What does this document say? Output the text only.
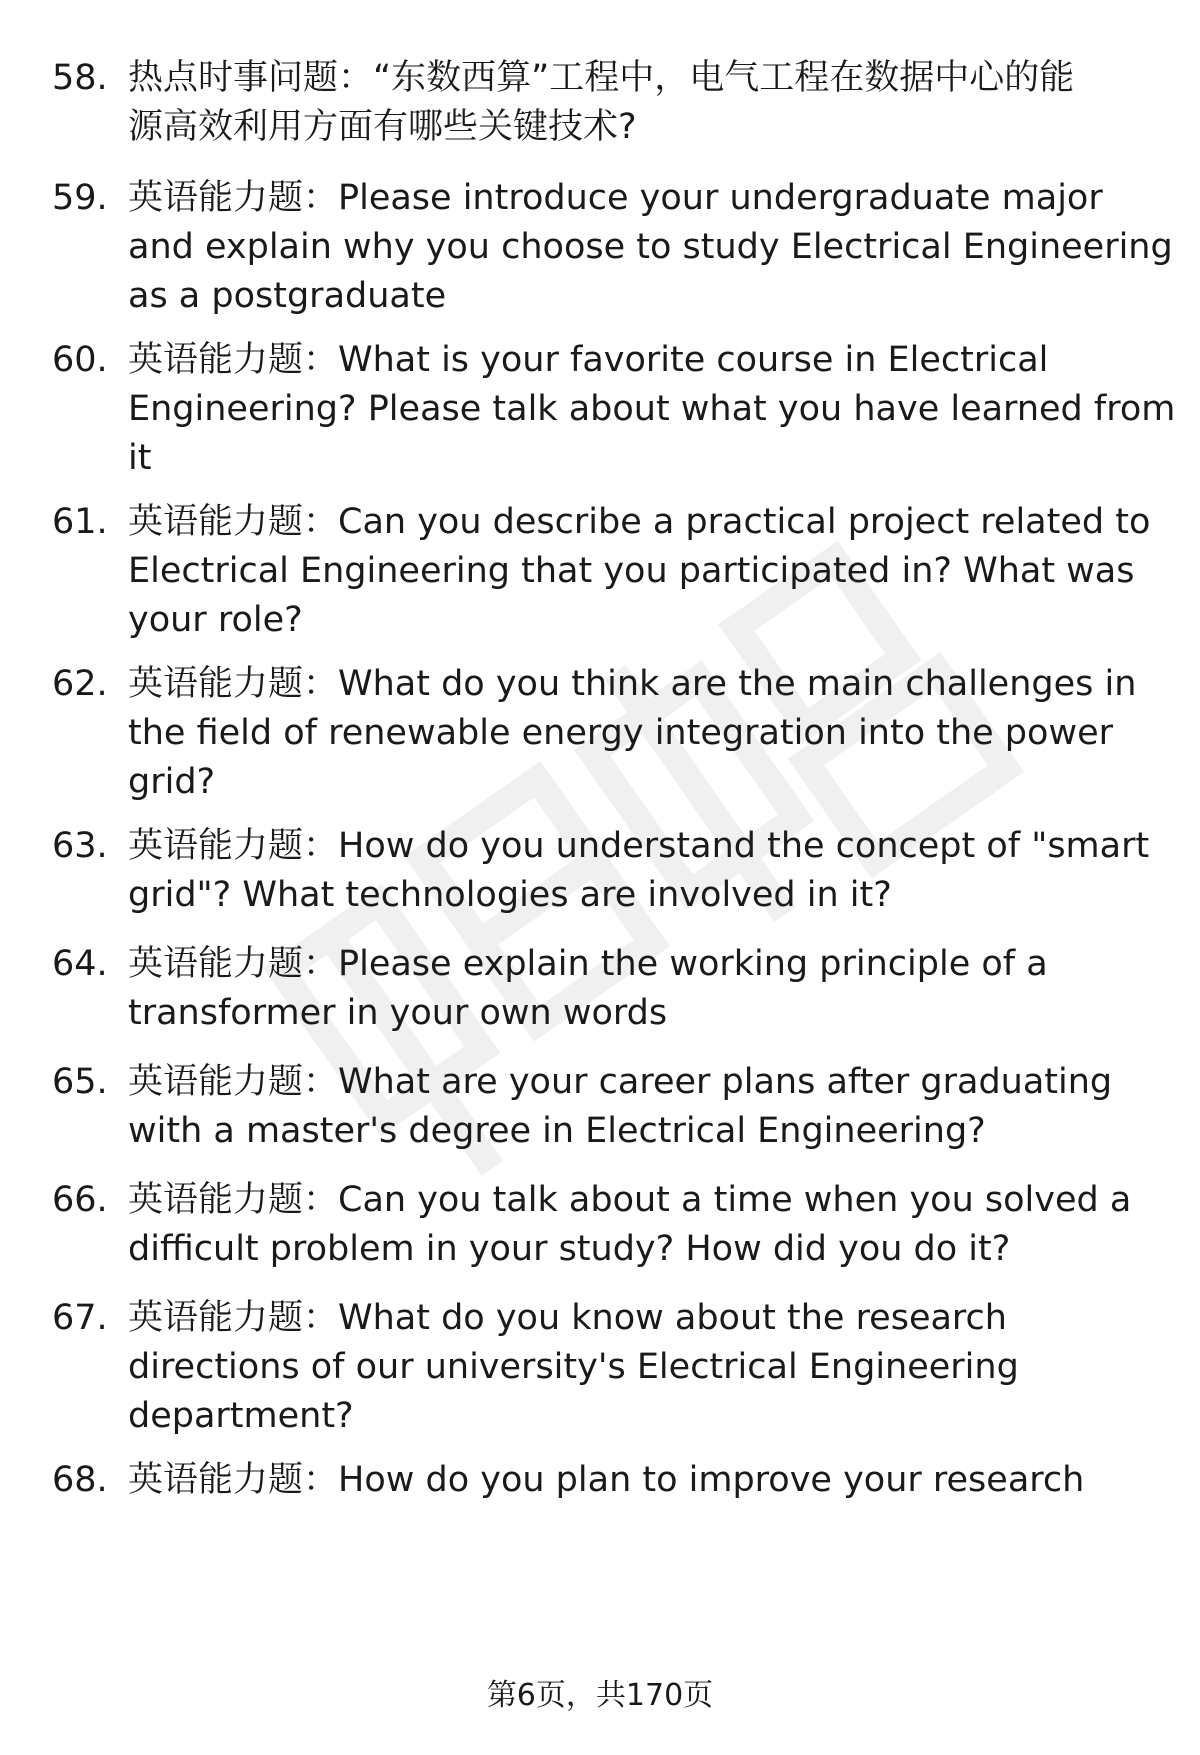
58. 热点时事问题：“东数西算”工程中，电气工程在数据中心的能
源高效利用方面有哪些关键技术?
59. 英语能力题：Please introduce your undergraduate major
and explain why you choose to study Electrical Engineering
as a postgraduate
60. 英语能力题：What is your favorite course in Electrical
Engineering? Please talk about what you have learned from
it
61. 英语能力题：Can you describe a practical project related to
Electrical Engineering that you participated in? What was
your role?
62. 英语能力题：What do you think are the main challenges in
the field of renewable energy integration into the power
grid?
63. 英语能力题：How do you understand the concept of "smart
grid"? What technologies are involved in it?
64. 英语能力题：Please explain the working principle of a
transformer in your own words
65. 英语能力题：What are your career plans after graduating
with a master's degree in Electrical Engineering?
66. 英语能力题：Can you talk about a time when you solved a
difficult problem in your study? How did you do it?
67. 英语能力题：What do you know about the research
directions of our university's Electrical Engineering
department?
68. 英语能力题：How do you plan to improve your research
第6页，共170页
